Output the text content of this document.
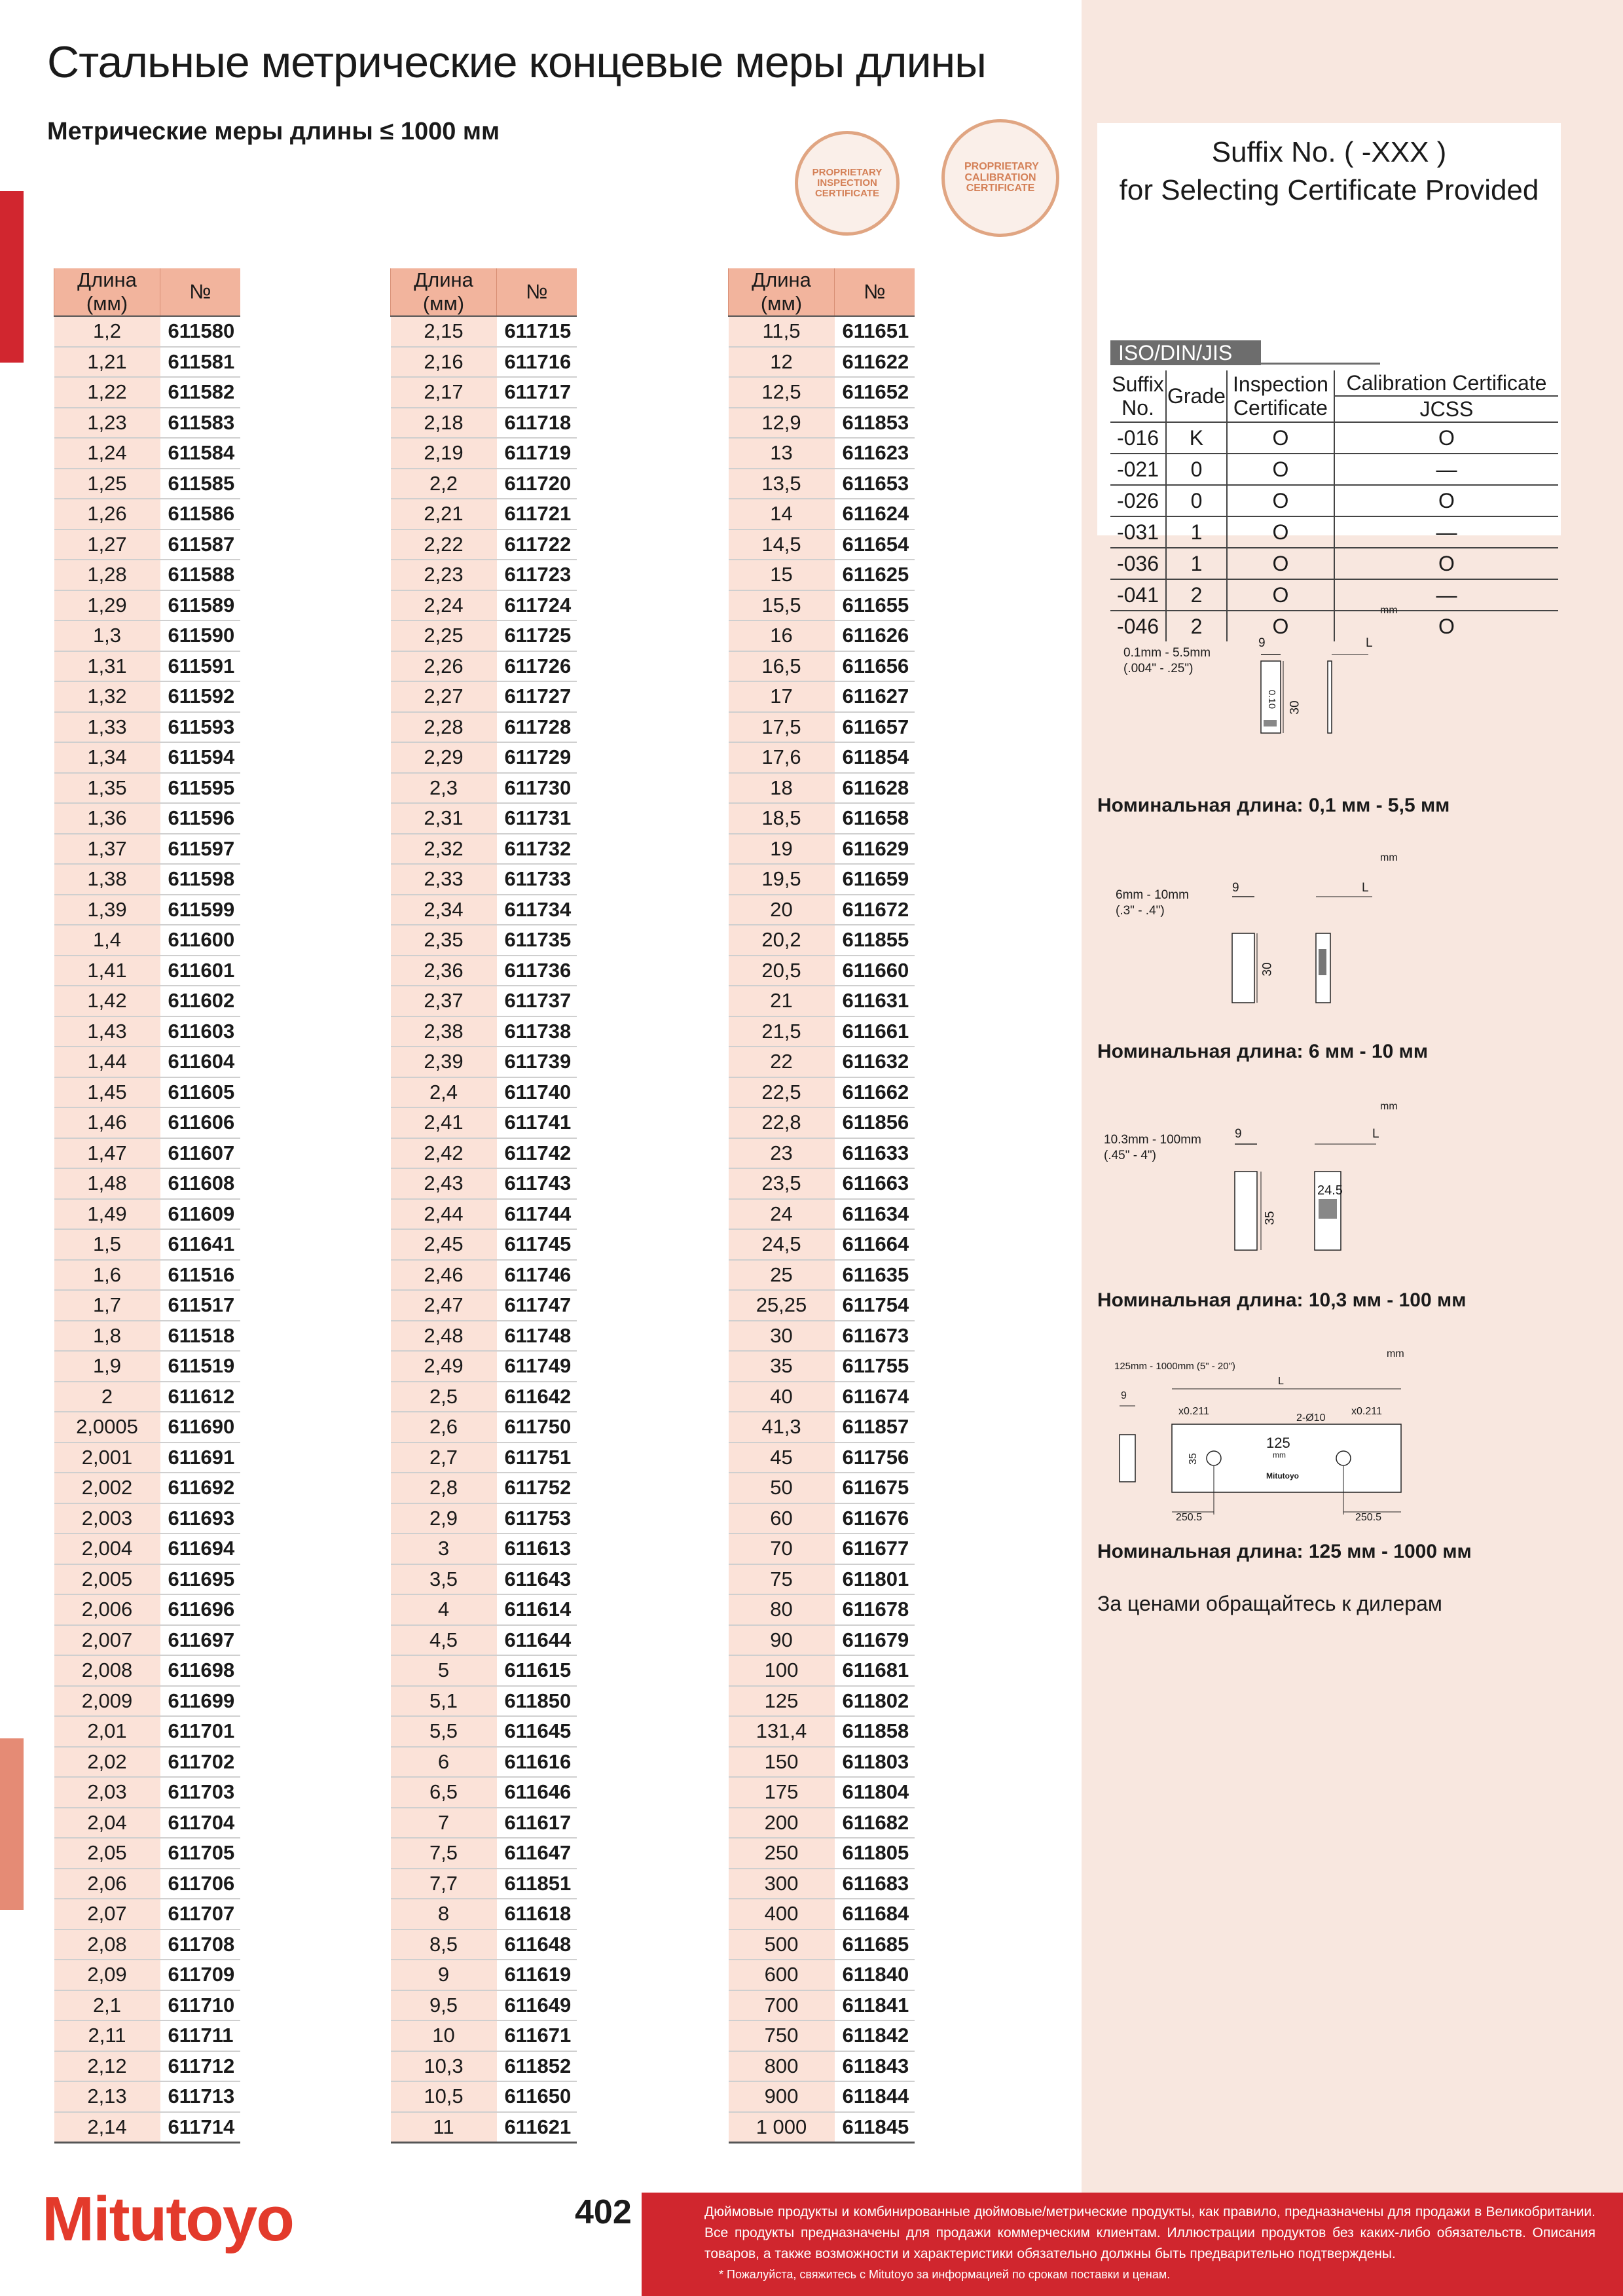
Стальные метрические концевые меры длины
Метрические меры длины ≤ 1000 мм
PROPRIETARY INSPECTION CERTIFICATE
PROPRIETARY CALIBRATION CERTIFICATE
Длина (мм)	№
1,2	611580
1,21	611581
1,22	611582
1,23	611583
1,24	611584
1,25	611585
1,26	611586
1,27	611587
1,28	611588
1,29	611589
1,3	611590
1,31	611591
1,32	611592
1,33	611593
1,34	611594
1,35	611595
1,36	611596
1,37	611597
1,38	611598
1,39	611599
1,4	611600
1,41	611601
1,42	611602
1,43	611603
1,44	611604
1,45	611605
1,46	611606
1,47	611607
1,48	611608
1,49	611609
1,5	611641
1,6	611516
1,7	611517
1,8	611518
1,9	611519
2	611612
2,0005	611690
2,001	611691
2,002	611692
2,003	611693
2,004	611694
2,005	611695
2,006	611696
2,007	611697
2,008	611698
2,009	611699
2,01	611701
2,02	611702
2,03	611703
2,04	611704
2,05	611705
2,06	611706
2,07	611707
2,08	611708
2,09	611709
2,1	611710
2,11	611711
2,12	611712
2,13	611713
2,14	611714
Длина (мм)	№
2,15	611715
2,16	611716
2,17	611717
2,18	611718
2,19	611719
2,2	611720
2,21	611721
2,22	611722
2,23	611723
2,24	611724
2,25	611725
2,26	611726
2,27	611727
2,28	611728
2,29	611729
2,3	611730
2,31	611731
2,32	611732
2,33	611733
2,34	611734
2,35	611735
2,36	611736
2,37	611737
2,38	611738
2,39	611739
2,4	611740
2,41	611741
2,42	611742
2,43	611743
2,44	611744
2,45	611745
2,46	611746
2,47	611747
2,48	611748
2,49	611749
2,5	611642
2,6	611750
2,7	611751
2,8	611752
2,9	611753
3	611613
3,5	611643
4	611614
4,5	611644
5	611615
5,1	611850
5,5	611645
6	611616
6,5	611646
7	611617
7,5	611647
7,7	611851
8	611618
8,5	611648
9	611619
9,5	611649
10	611671
10,3	611852
10,5	611650
11	611621
Длина (мм)	№
11,5	611651
12	611622
12,5	611652
12,9	611853
13	611623
13,5	611653
14	611624
14,5	611654
15	611625
15,5	611655
16	611626
16,5	611656
17	611627
17,5	611657
17,6	611854
18	611628
18,5	611658
19	611629
19,5	611659
20	611672
20,2	611855
20,5	611660
21	611631
21,5	611661
22	611632
22,5	611662
22,8	611856
23	611633
23,5	611663
24	611634
24,5	611664
25	611635
25,25	611754
30	611673
35	611755
40	611674
41,3	611857
45	611756
50	611675
60	611676
70	611677
75	611801
80	611678
90	611679
100	611681
125	611802
131,4	611858
150	611803
175	611804
200	611682
250	611805
300	611683
400	611684
500	611685
600	611840
700	611841
750	611842
800	611843
900	611844
1 000	611845
Suffix No. ( -XXX )
for Selecting Certificate Provided
ISO/DIN/JIS
Suffix No.	Grade	Inspection Certificate	Calibration Certificate
			JCSS
-016	K	O	O
-021	0	O	—
-026	0	O	O
-031	1	O	—
-036	1	O	O
-041	2	O	—
-046	2	O	O
mm
0.1mm - 5.5mm
(.004" - .25")
9	L
30
0.10
Номинальная длина: 0,1 мм - 5,5 мм
mm
6mm - 10mm
(.3" - .4")
9	L
30
Номинальная длина: 6 мм - 10 мм
mm
10.3mm - 100mm
(.45" - 4")
9	L
35
24.5
Номинальная длина: 10,3 мм - 100 мм
mm
125mm - 1000mm (5" - 20")
9
L
35
x0.211	x0.211
2-Ø10
125
mm
Mitutoyo
250.5	250.5
Номинальная длина: 125 мм - 1000 мм
За ценами обращайтесь к дилерам
Mitutoyo	402	Дюймовые продукты и комбинированные дюймовые/метрические продукты, как правило, предназначены для продажи в Великобритании. Все продукты предназначены для продажи коммерческим клиентам. Иллюстрации продуктов без каких-либо обязательств. Описания товаров, а также возможности и характеристики обязательно должны быть предварительно подтверждены.
* Пожалуйста, свяжитесь с Mitutoyo за информацией по срокам поставки и ценам.
